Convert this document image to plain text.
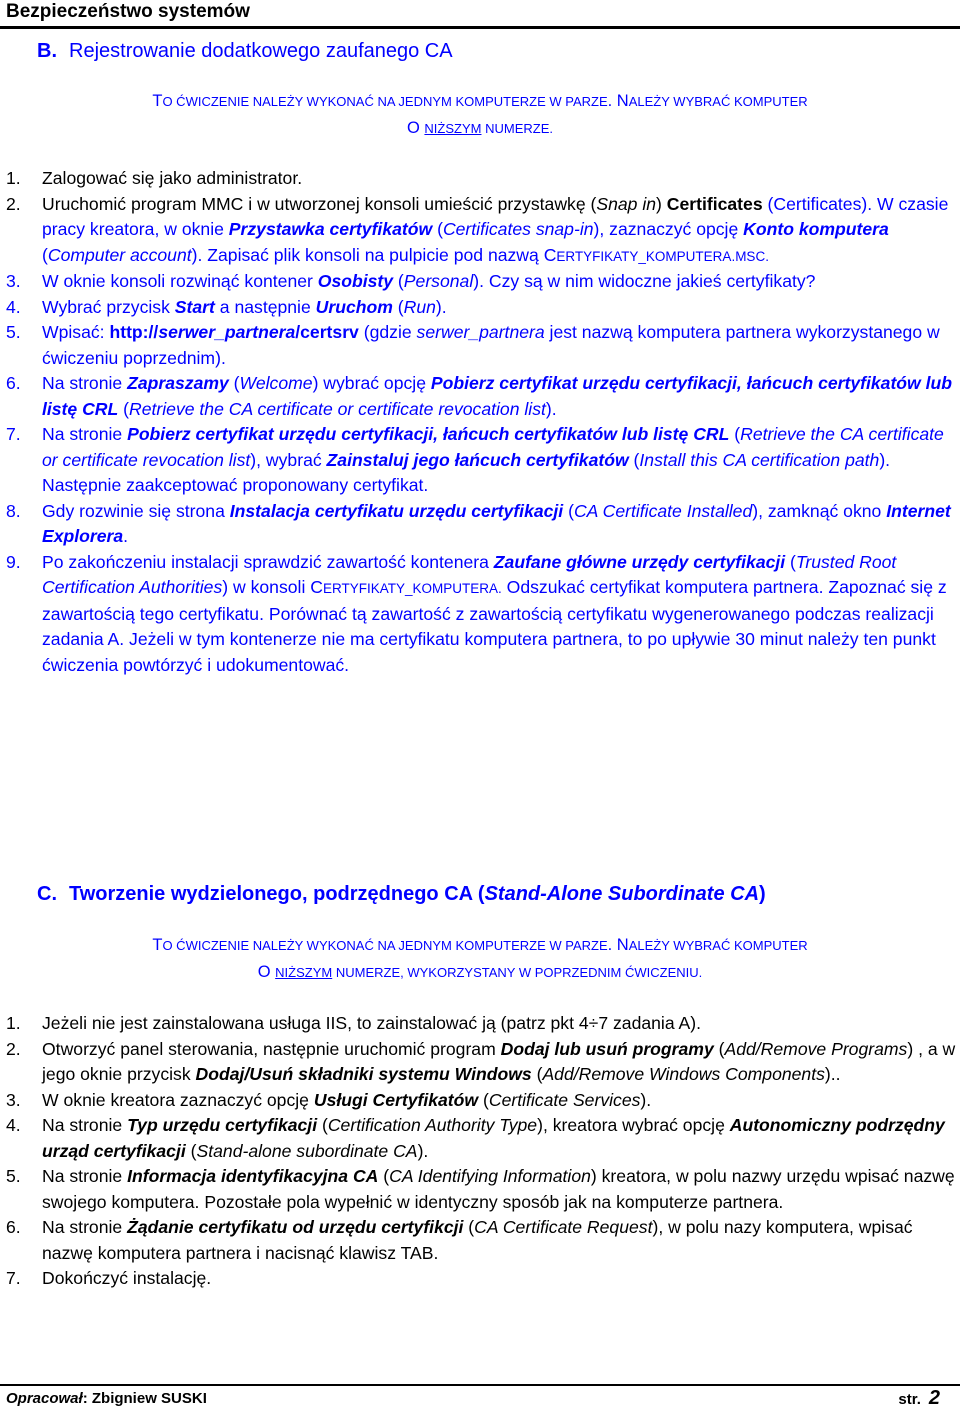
Bezpieczeństwo systemów
B. Rejestrowanie dodatkowego zaufanego CA
TO ĆWICZENIE NALEŻY WYKONAĆ NA JEDNYM KOMPUTERZE W PARZE. NALEŻY WYBRAĆ KOMPUTER
O NIŻSZYM NUMERZE.
1. Zalogować się jako administrator.
2. Uruchomić program MMC i w utworzonej konsoli umieścić przystawkę (Snap in) Certificates (Certificates). W czasie pracy kreatora, w oknie Przystawka certyfikatów (Certificates snap-in), zaznaczyć opcję Konto komputera (Computer account). Zapisać plik konsoli na pulpicie pod nazwą CERTYFIKATY_KOMPUTERA.MSC.
3. W oknie konsoli rozwinąć kontener Osobisty (Personal). Czy są w nim widoczne jakieś certyfikaty?
4. Wybrać przycisk Start a następnie Uruchom (Run).
5. Wpisać: http://serwer_partnera/certsrv (gdzie serwer_partnera jest nazwą komputera partnera wykorzystanego w ćwiczeniu poprzednim).
6. Na stronie Zapraszamy (Welcome) wybrać opcję Pobierz certyfikat urzędu certyfikacji, łańcuch certyfikatów lub listę CRL (Retrieve the CA certificate or certificate revocation list).
7. Na stronie Pobierz certyfikat urzędu certyfikacji, łańcuch certyfikatów lub listę CRL (Retrieve the CA certificate or certificate revocation list), wybrać Zainstaluj jego łańcuch certyfikatów (Install this CA certification path). Następnie zaakceptować proponowany certyfikat.
8. Gdy rozwinie się strona Instalacja certyfikatu urzędu certyfikacji (CA Certificate Installed), zamknąć okno Internet Explorera.
9. Po zakończeniu instalacji sprawdzić zawartość kontenera Zaufane główne urzędy certyfikacji (Trusted Root Certification Authorities) w konsoli CERTYFIKATY_KOMPUTERA. Odszukać certyfikat komputera partnera. Zapoznać się z zawartością tego certyfikatu. Porównać tą zawartość z zawartością certyfikatu wygenerowanego podczas realizacji zadania A. Jeżeli w tym kontenerze nie ma certyfikatu komputera partnera, to po upływie 30 minut należy ten punkt ćwiczenia powtórzyć i udokumentować.
C. Tworzenie wydzielonego, podrzędnego CA (Stand-Alone Subordinate CA)
TO ĆWICZENIE NALEŻY WYKONAĆ NA JEDNYM KOMPUTERZE W PARZE. NALEŻY WYBRAĆ KOMPUTER
O NIŻSZYM NUMERZE, WYKORZYSTANY W POPRZEDNIM ĆWICZENIU.
1. Jeżeli nie jest zainstalowana usługa IIS, to zainstalować ją (patrz pkt 4÷7 zadania A).
2. Otworzyć panel sterowania, następnie uruchomić program Dodaj lub usuń programy (Add/Remove Programs) , a w jego oknie przycisk Dodaj/Usuń składniki systemu Windows (Add/Remove Windows Components)..
3. W oknie kreatora zaznaczyć opcję Usługi Certyfikatów (Certificate Services).
4. Na stronie Typ urzędu certyfikacji (Certification Authority Type), kreatora wybrać opcję Autonomiczny podrzędny urząd certyfikacji (Stand-alone subordinate CA).
5. Na stronie Informacja identyfikacyjna CA (CA Identifying Information) kreatora, w polu nazwy urzędu wpisać nazwę swojego komputera. Pozostałe pola wypełnić w identyczny sposób jak na komputerze partnera.
6. Na stronie Żądanie certyfikatu od urzędu certyfikcji (CA Certificate Request), w polu nazy komputera, wpisać nazwę komputera partnera i nacisnąć klawisz TAB.
7. Dokończyć instalację.
Opracował: Zbigniew SUSKI	str. 2
